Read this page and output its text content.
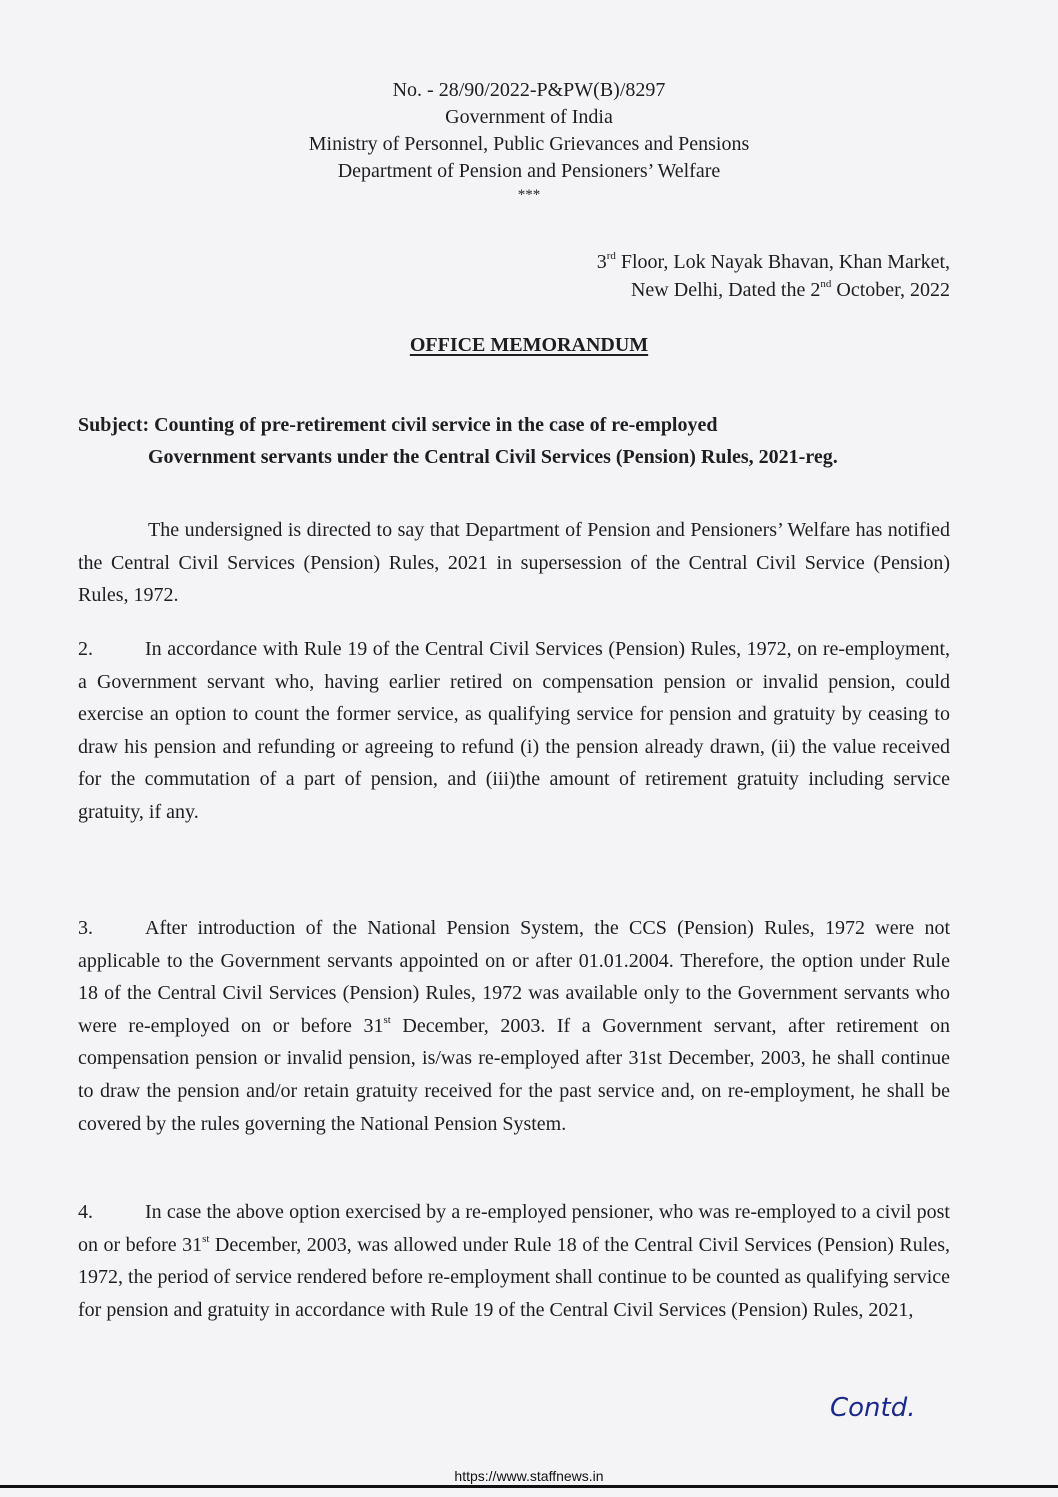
No. - 28/90/2022-P&PW(B)/8297
Government of India
Ministry of Personnel, Public Grievances and Pensions
Department of Pension and Pensioners’ Welfare
***
3rd Floor, Lok Nayak Bhavan, Khan Market,
New Delhi, Dated the 2nd October, 2022
OFFICE MEMORANDUM
Subject: Counting of pre-retirement civil service in the case of re-employed
Government servants under the Central Civil Services (Pension) Rules, 2021-reg.
The undersigned is directed to say that Department of Pension and Pensioners’ Welfare has notified the Central Civil Services (Pension) Rules, 2021 in supersession of the Central Civil Service (Pension) Rules, 1972.
2.	In accordance with Rule 19 of the Central Civil Services (Pension) Rules, 1972, on re-employment, a Government servant who, having earlier retired on compensation pension or invalid pension, could exercise an option to count the former service, as qualifying service for pension and gratuity by ceasing to draw his pension and refunding or agreeing to refund (i) the pension already drawn, (ii) the value received for the commutation of a part of pension, and (iii)the amount of retirement gratuity including service gratuity, if any.
3.	After introduction of the National Pension System, the CCS (Pension) Rules, 1972 were not applicable to the Government servants appointed on or after 01.01.2004. Therefore, the option under Rule 18 of the Central Civil Services (Pension) Rules, 1972 was available only to the Government servants who were re-employed on or before 31st December, 2003. If a Government servant, after retirement on compensation pension or invalid pension, is/was re-employed after 31st December, 2003, he shall continue to draw the pension and/or retain gratuity received for the past service and, on re-employment, he shall be covered by the rules governing the National Pension System.
4.	In case the above option exercised by a re-employed pensioner, who was re-employed to a civil post on or before 31st December, 2003, was allowed under Rule 18 of the Central Civil Services (Pension) Rules, 1972, the period of service rendered before re-employment shall continue to be counted as qualifying service for pension and gratuity in accordance with Rule 19 of the Central Civil Services (Pension) Rules, 2021,
Contd.
https://www.staffnews.in
